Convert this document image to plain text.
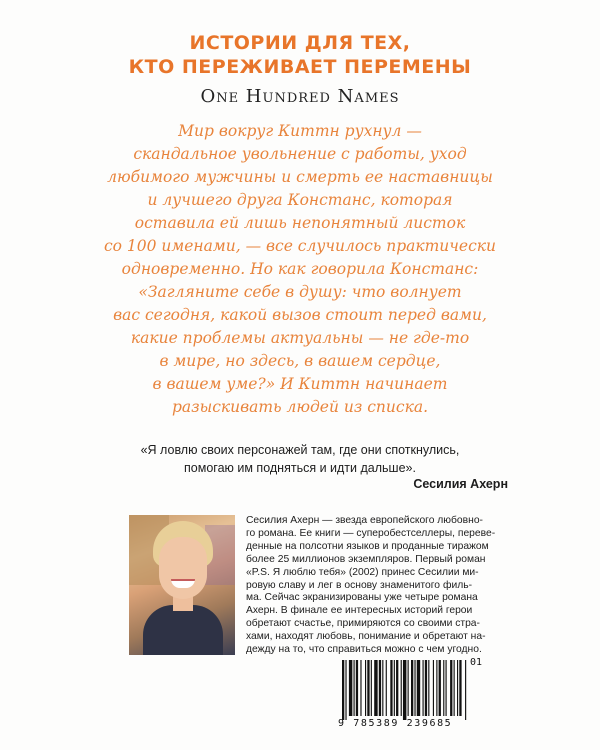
ИСТОРИИ ДЛЯ ТЕХ,
КТО ПЕРЕЖИВАЕТ ПЕРЕМЕНЫ
One Hundred Names
Мир вокруг Киттн рухнул —
скандальное увольнение с работы, уход
любимого мужчины и смерть ее наставницы
и лучшего друга Констанс, которая
оставила ей лишь непонятный листок
со 100 именами, — все случилось практически
одновременно. Но как говорила Констанс:
«Загляните себе в душу: что волнует
вас сегодня, какой вызов стоит перед вами,
какие проблемы актуальны — не где-то
в мире, но здесь, в вашем сердце,
в вашем уме?» И Киттн начинает
разыскивать людей из списка.
«Я ловлю своих персонажей там, где они споткнулись,
помогаю им подняться и идти дальше».
Сесилия Ахерн
Сесилия Ахерн — звезда европейского любовно-
го романа. Ее книги — суперобестселлеры, переве-
денные на полсотни языков и проданные тиражом
более 25 миллионов экземпляров. Первый роман
«P.S. Я люблю тебя» (2002) принес Сесилии ми-
ровую славу и лег в основу знаменитого филь-
ма. Сейчас экранизированы уже четыре романа
Ахерн. В финале ее интересных историй герои
обретают счастье, примиряются со своими стра-
хами, находят любовь, понимание и обретают на-
дежду на то, что справиться можно с чем угодно.
9 785389 239685
01
